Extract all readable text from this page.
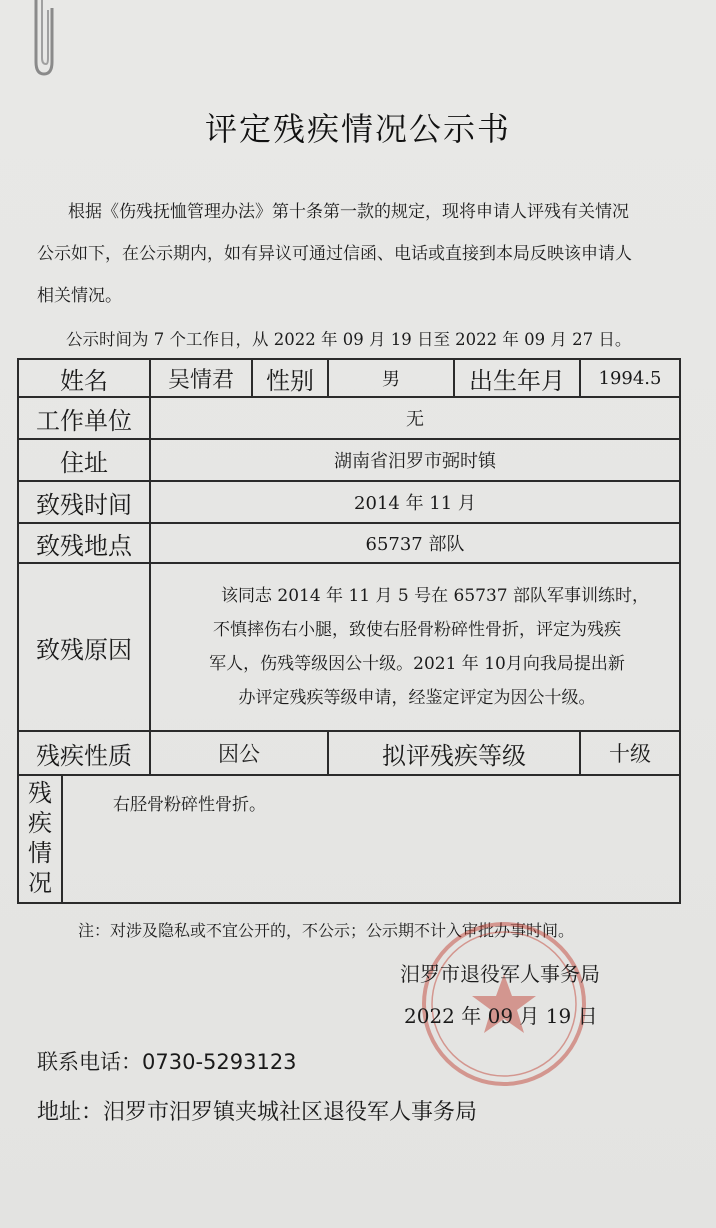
评定残疾情况公示书
根据《伤残抚恤管理办法》第十条第一款的规定，现将申请人评残有关情况
公示如下，在公示期内，如有异议可通过信函、电话或直接到本局反映该申请人
相关情况。
公示时间为 7 个工作日，从 2022 年 09 月 19 日至 2022 年 09 月 27 日。
姓名	吴情君	性别	男	出生年月	1994.5
工作单位	无				
住址	湖南省汨罗市弼时镇				
致残时间	2014 年 11 月				
致残地点	65737 部队				
致残原因	该同志 2014 年 11 月 5 号在 65737 部队军事训练时，
不慎摔伤右小腿，致使右胫骨粉碎性骨折，评定为残疾
军人，伤残等级因公十级。2021 年 10月向我局提出新
办评定残疾等级申请，经鉴定评定为因公十级。				

残疾性质	因公		拟评残疾等级		十级

残
疾
情
况
右胫骨粉碎性骨折。					
注：对涉及隐私或不宜公开的，不公示；公示期不计入审批办事时间。
汨罗市退役军人事务局
2022 年 09 月 19 日
联系电话：0730-5293123
地址：汨罗市汨罗镇夹城社区退役军人事务局
